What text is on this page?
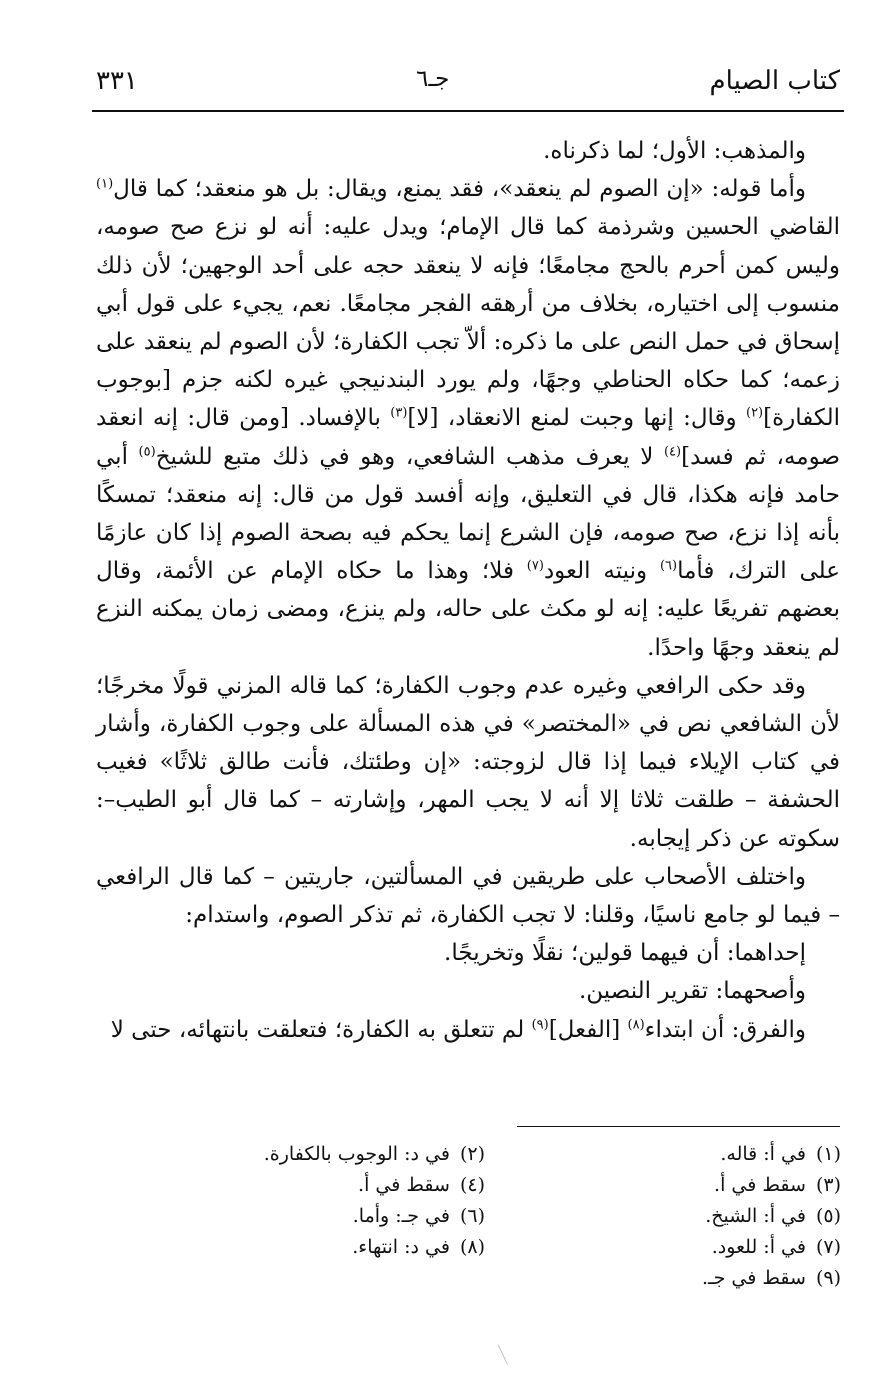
كتاب الصيام
جـ٦
٣٣١

والمذهب: الأول؛ لما ذكرناه.

وأما قوله: «إن الصوم لم ينعقد»، فقد يمنع، ويقال: بل هو منعقد؛ كما قال$^{(١)}$ القاضي الحسين وشرذمة كما قال الإمام؛ ويدل عليه: أنه لو نزع صح صومه، وليس كمن أحرم بالحج مجامعًا؛ فإنه لا ينعقد حجه على أحد الوجهين؛ لأن ذلك منسوب إلى اختياره، بخلاف من أرهقه الفجر مجامعًا. نعم، يجيء على قول أبي إسحاق في حمل النص على ما ذكره: ألاّ تجب الكفارة؛ لأن الصوم لم ينعقد على زعمه؛ كما حكاه الحناطي وجهًا، ولم يورد البندنيجي غيره لكنه جزم [بوجوب الكفارة]$^{(٢)}$ وقال: إنها وجبت لمنع الانعقاد، [لا]$^{(٣)}$ بالإفساد. [ومن قال: إنه انعقد صومه، ثم فسد]$^{(٤)}$ لا يعرف مذهب الشافعي، وهو في ذلك متبع للشيخ$^{(٥)}$ أبي حامد فإنه هكذا، قال في التعليق، وإنه أفسد قول من قال: إنه منعقد؛ تمسكًا بأنه إذا نزع، صح صومه، فإن الشرع إنما يحكم فيه بصحة الصوم إذا كان عازمًا على الترك، فأما$^{(٦)}$ ونيته العود$^{(٧)}$ فلا؛ وهذا ما حكاه الإمام عن الأئمة، وقال بعضهم تفريعًا عليه: إنه لو مكث على حاله، ولم ينزع، ومضى زمان يمكنه النزع لم ينعقد وجهًا واحدًا.

وقد حكى الرافعي وغيره عدم وجوب الكفارة؛ كما قاله المزني قولًا مخرجًا؛ لأن الشافعي نص في «المختصر» في هذه المسألة على وجوب الكفارة، وأشار في كتاب الإيلاء فيما إذا قال لزوجته: «إن وطئتك، فأنت طالق ثلاثًا» فغيب الحشفة – طلقت ثلاثا إلا أنه لا يجب المهر، وإشارته – كما قال أبو الطيب–: سكوته عن ذكر إيجابه.

واختلف الأصحاب على طريقين في المسألتين، جاريتين – كما قال الرافعي – فيما لو جامع ناسيًا، وقلنا: لا تجب الكفارة، ثم تذكر الصوم، واستدام:

إحداهما: أن فيهما قولين؛ نقلًا وتخريجًا.

وأصحهما: تقرير النصين.

والفرق: أن ابتداء$^{(٨)}$ [الفعل]$^{(٩)}$ لم تتعلق به الكفارة؛ فتعلقت بانتهائه، حتى لا

(١)في أ: قاله.
(٣)سقط في أ.
(٥)في أ: الشيخ.
(٧)في أ: للعود.
(٩)سقط في جـ.
(٢)في د: الوجوب بالكفارة.
(٤)سقط في أ.
(٦)في جـ: وأما.
(٨)في د: انتهاء.
